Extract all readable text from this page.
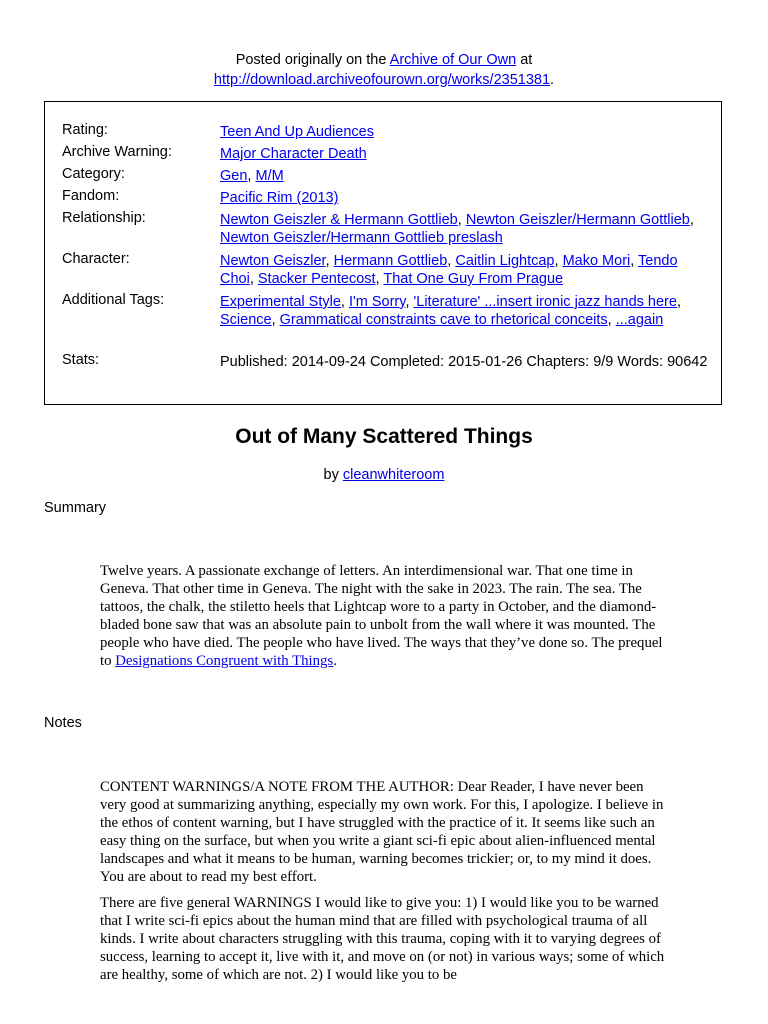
Posted originally on the Archive of Our Own at
http://download.archiveofourown.org/works/2351381.
Rating:	Teen And Up Audiences
Archive Warning:	Major Character Death
Category:	Gen, M/M
Fandom:	Pacific Rim (2013)
Relationship:	Newton Geiszler & Hermann Gottlieb, Newton Geiszler/Hermann Gottlieb, Newton Geiszler/Hermann Gottlieb preslash
Character:	Newton Geiszler, Hermann Gottlieb, Caitlin Lightcap, Mako Mori, Tendo Choi, Stacker Pentecost, That One Guy From Prague
Additional Tags:	Experimental Style, I'm Sorry, 'Literature' ...insert ironic jazz hands here, Science, Grammatical constraints cave to rhetorical conceits, ...again
Stats:	Published: 2014-09-24 Completed: 2015-01-26 Chapters: 9/9 Words: 90642
Out of Many Scattered Things
by cleanwhiteroom
Summary

Twelve years. A passionate exchange of letters. An interdimensional war. That one time in Geneva. That other time in Geneva. The night with the sake in 2023. The rain. The sea. The tattoos, the chalk, the stiletto heels that Lightcap wore to a party in October, and the diamond-bladed bone saw that was an absolute pain to unbolt from the wall where it was mounted. The people who have died. The people who have lived. The ways that they’ve done so. The prequel to Designations Congruent with Things.

Notes

CONTENT WARNINGS/A NOTE FROM THE AUTHOR: Dear Reader, I have never been very good at summarizing anything, especially my own work. For this, I apologize. I believe in the ethos of content warning, but I have struggled with the practice of it. It seems like such an easy thing on the surface, but when you write a giant sci-fi epic about alien-influenced mental landscapes and what it means to be human, warning becomes trickier; or, to my mind it does. You are about to read my best effort.

There are five general WARNINGS I would like to give you: 1) I would like you to be warned that I write sci-fi epics about the human mind that are filled with psychological trauma of all kinds. I write about characters struggling with this trauma, coping with it to varying degrees of success, learning to accept it, live with it, and move on (or not) in various ways; some of which are healthy, some of which are not. 2) I would like you to be
